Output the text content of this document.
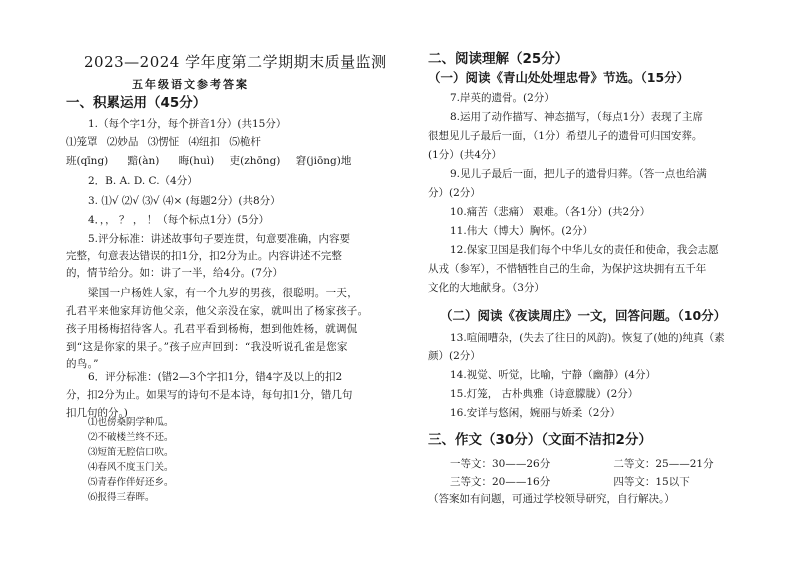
2023—2024 学年度第二学期期末质量监测
五年级语文参考答案
一、积累运用（45分）
1.（每个字1分，每个拼音1分）(共15分）
⑴笼罩 ⑵妙品 ⑶愣怔 ⑷纽扣 ⑸桅杆
班(qīng) 黯(àn) 晦(huì) 吏(zhōng) 窘(jiōng)地
2．B. A. D. C.（4分）
3. ⑴√ ⑵√ ⑶√ ⑷× (每题2分）(共8分）
4．，， ？ ， ！（每个标点1分）(5分）
5.评分标准：讲述故事句子要连贯，句意要准确，内容要
完整，句意表达错误的扣1分，扣2分为止。内容讲述不完整
的，情节给分。如：讲了一半，给4分。(7分）
梁国一户杨姓人家，有一个九岁的男孩，很聪明。一天，
孔君平来他家拜访他父亲，他父亲没在家，就叫出了杨家孩子。
孩子用杨梅招待客人。孔君平看到杨梅，想到他姓杨，就调侃
到“这是你家的果子。”孩子应声回到：“我没听说孔雀是您家
的鸟。”
6．评分标准：(错2—3个字扣1分，错4字及以上的扣2
分，扣2分为止。如果写的诗句不是本诗，每句扣1分，错几句
扣几句的分。)
⑴也傍桑阴学种瓜。
⑵不破楼兰终不还。
⑶短笛无腔信口吹。
⑷春风不度玉门关。
⑸青春作伴好还乡。
⑹报得三春晖。
二、阅读理解（25分）
（一）阅读《青山处处埋忠骨》节选。（15分）
7.岸英的遗骨。(2分）
8.运用了动作描写、神态描写，（每点1分）表现了主席
很想见儿子最后一面，（1分）希望儿子的遗骨可归国安葬。
(1分）(共4分）
9.见儿子最后一面，把儿子的遗骨归葬。（答一点也给满
分）(2分）
10.痛苦（悲痛） 艰难。（各1分）(共2分）
11.伟大（博大）胸怀。(2分）
12.保家卫国是我们每个中华儿女的责任和使命，我会志愿
从戎（参军），不惜牺牲自己的生命，为保护这块拥有五千年
文化的大地献身。（3分）
（二）阅读《夜读周庄》一文，回答问题。（10分）
13.喧闹嘈杂，(失去了往日的风韵)。恢复了(她的)纯真（素
颜）(2分）
14.视觉、听觉，比喻，宁静（幽静）(4分）
15.灯笼， 古朴典雅（诗意朦胧）(2分）
16.安详与悠闲，婉丽与娇柔（2分）
三、作文（30分）（文面不洁扣2分）
一等文：30——26分	二等文：25——21分
三等文：20——16分	四等文：15以下
（答案如有问题，可通过学校领导研究，自行解决。）
